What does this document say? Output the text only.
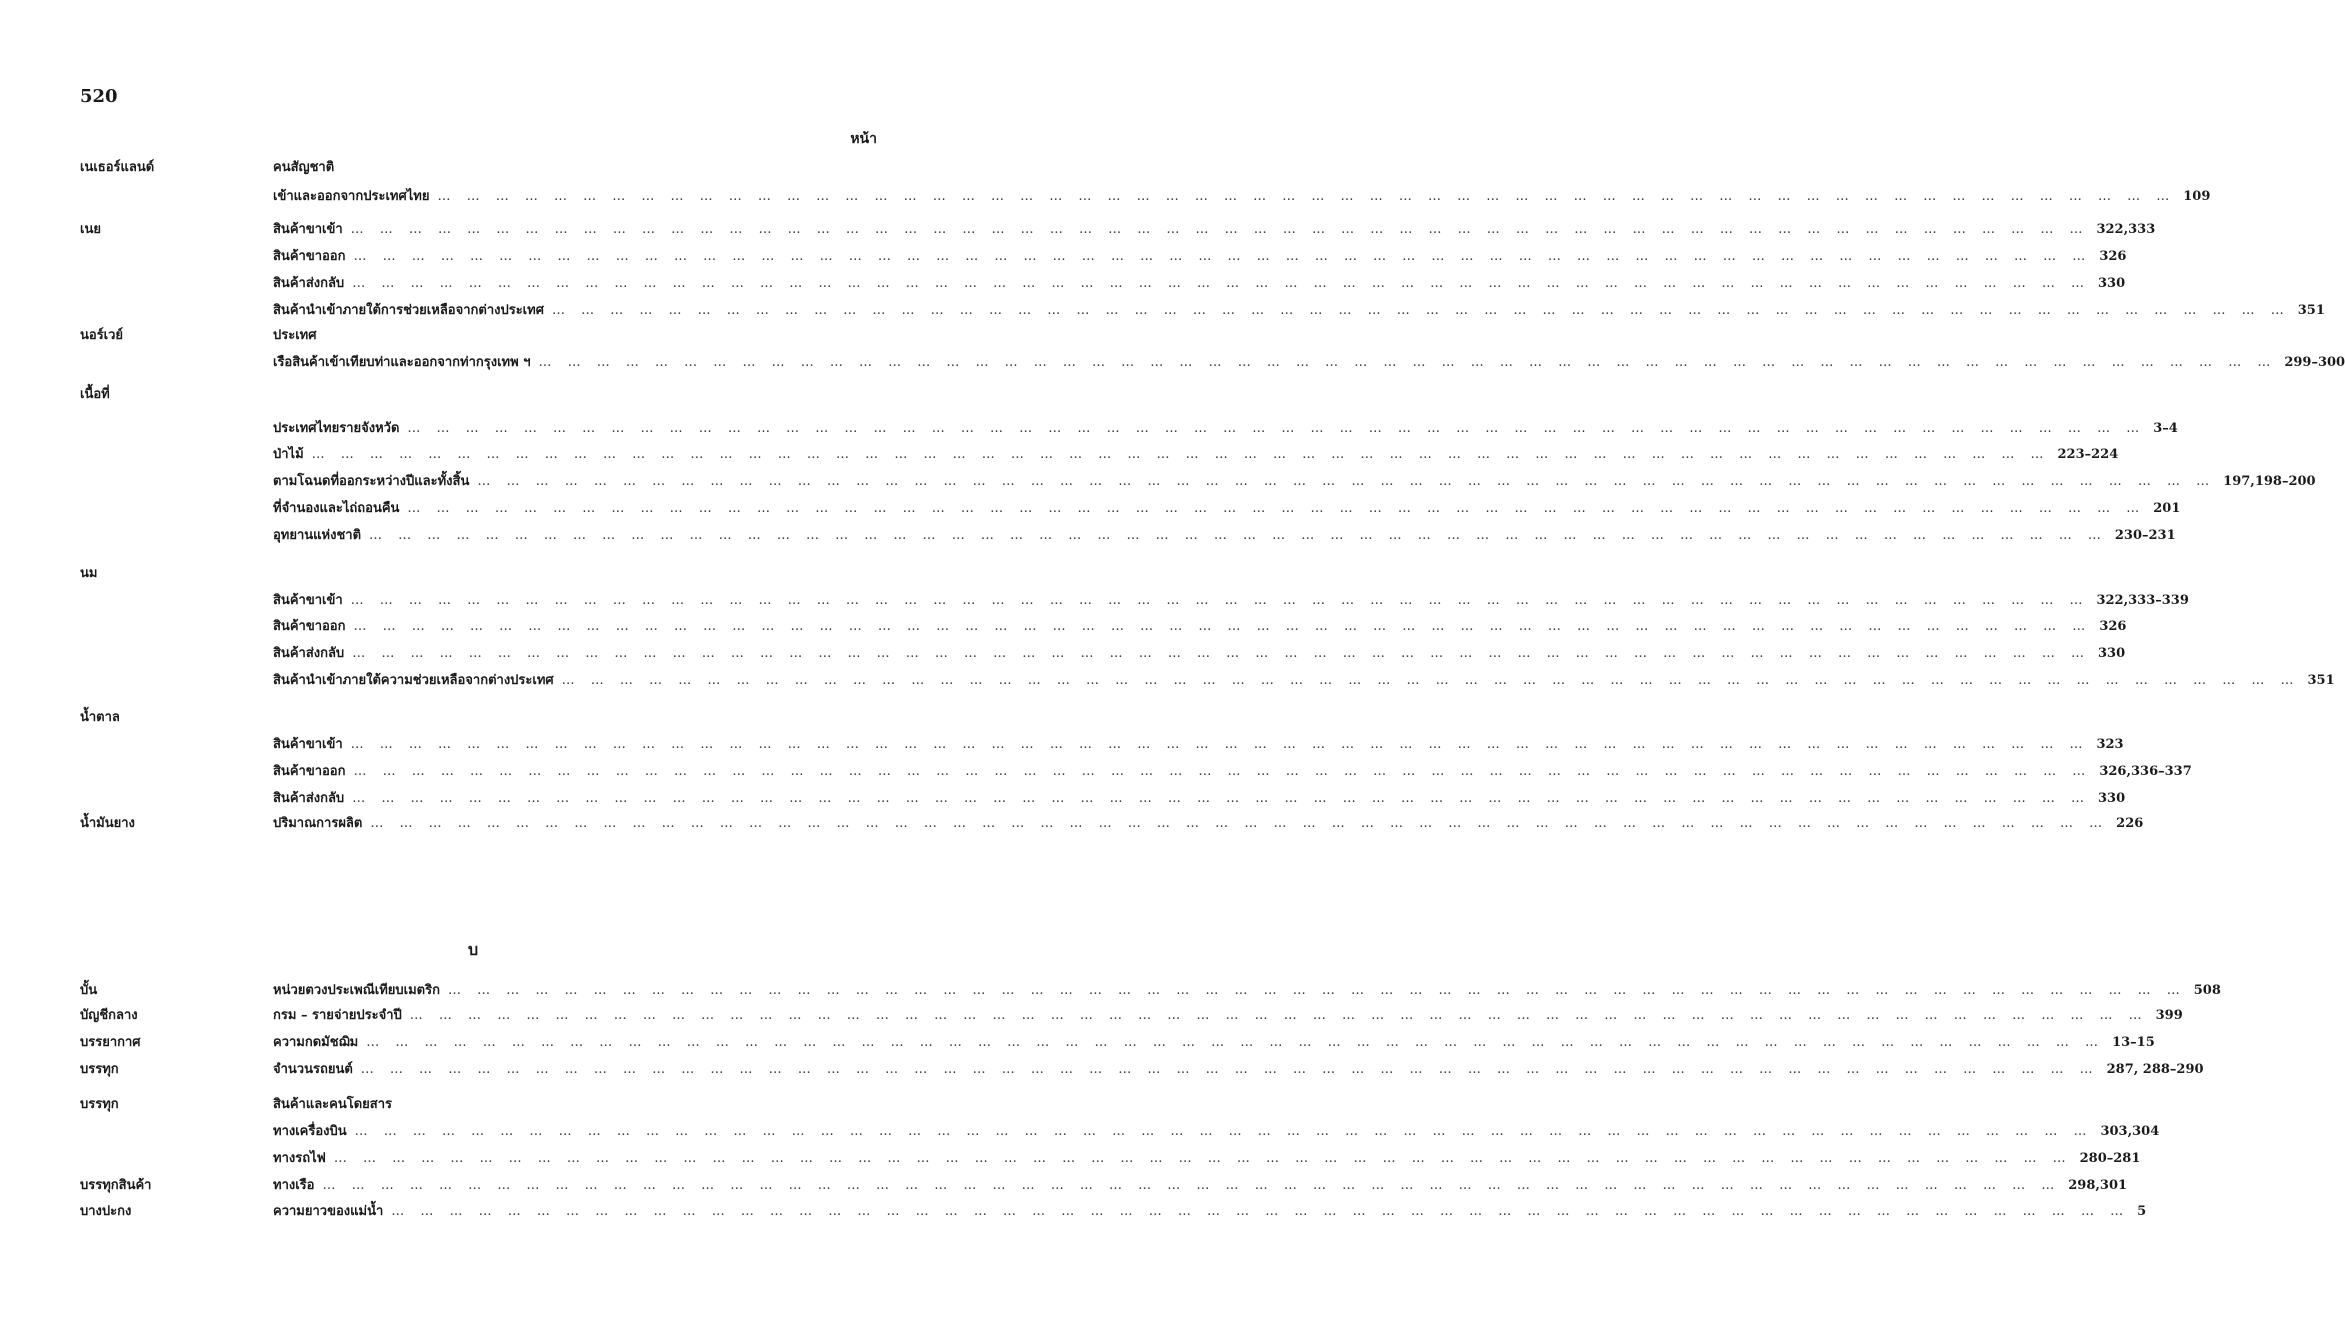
520
หน้า
บ
เนเธอร์แลนด์	คนสัญชาติ
เข้าและออกจากประเทศไทย … … … … … … … … … … … … … … … … … … … … … … … … … … … … … … … … … … … … … … … … … … … … … … … … … … … … … … … … … … … … 109
เนย	สินค้าขาเข้า … … … … … … … … … … … … … … … … … … … … … … … … … … … … … … … … … … … … … … … … … … … … … … … … … … … … … … … … … … … … 322,333
สินค้าขาออก … … … … … … … … … … … … … … … … … … … … … … … … … … … … … … … … … … … … … … … … … … … … … … … … … … … … … … … … … … … … 326
สินค้าส่งกลับ … … … … … … … … … … … … … … … … … … … … … … … … … … … … … … … … … … … … … … … … … … … … … … … … … … … … … … … … … … … … 330
สินค้านำเข้าภายใต้การช่วยเหลือจากต่างประเทศ … … … … … … … … … … … … … … … … … … … … … … … … … … … … … … … … … … … … … … … … … … … … … … … … … … … … … … … … … … … … 351
นอร์เวย์	ประเทศ
เรือสินค้าเข้าเทียบท่าและออกจากท่ากรุงเทพ ฯ … … … … … … … … … … … … … … … … … … … … … … … … … … … … … … … … … … … … … … … … … … … … … … … … … … … … … … … … … … … … 299–300
เนื้อที่
ประเทศไทยรายจังหวัด … … … … … … … … … … … … … … … … … … … … … … … … … … … … … … … … … … … … … … … … … … … … … … … … … … … … … … … … … … … … 3–4
ป่าไม้ … … … … … … … … … … … … … … … … … … … … … … … … … … … … … … … … … … … … … … … … … … … … … … … … … … … … … … … … … … … … 223–224
ตามโฉนดที่ออกระหว่างปีและทั้งสิ้น … … … … … … … … … … … … … … … … … … … … … … … … … … … … … … … … … … … … … … … … … … … … … … … … … … … … … … … … … … … … 197,198–200
ที่จำนองและไถ่ถอนคืน … … … … … … … … … … … … … … … … … … … … … … … … … … … … … … … … … … … … … … … … … … … … … … … … … … … … … … … … … … … … 201
อุทยานแห่งชาติ … … … … … … … … … … … … … … … … … … … … … … … … … … … … … … … … … … … … … … … … … … … … … … … … … … … … … … … … … … … … 230–231
นม
สินค้าขาเข้า … … … … … … … … … … … … … … … … … … … … … … … … … … … … … … … … … … … … … … … … … … … … … … … … … … … … … … … … … … … … 322,333–339
สินค้าขาออก … … … … … … … … … … … … … … … … … … … … … … … … … … … … … … … … … … … … … … … … … … … … … … … … … … … … … … … … … … … … 326
สินค้าส่งกลับ … … … … … … … … … … … … … … … … … … … … … … … … … … … … … … … … … … … … … … … … … … … … … … … … … … … … … … … … … … … … 330
สินค้านำเข้าภายใต้ความช่วยเหลือจากต่างประเทศ … … … … … … … … … … … … … … … … … … … … … … … … … … … … … … … … … … … … … … … … … … … … … … … … … … … … … … … … … … … … 351
น้ำตาล
สินค้าขาเข้า … … … … … … … … … … … … … … … … … … … … … … … … … … … … … … … … … … … … … … … … … … … … … … … … … … … … … … … … … … … … 323
สินค้าขาออก … … … … … … … … … … … … … … … … … … … … … … … … … … … … … … … … … … … … … … … … … … … … … … … … … … … … … … … … … … … … 326,336–337
สินค้าส่งกลับ … … … … … … … … … … … … … … … … … … … … … … … … … … … … … … … … … … … … … … … … … … … … … … … … … … … … … … … … … … … … 330
น้ำมันยาง	ปริมาณการผลิต … … … … … … … … … … … … … … … … … … … … … … … … … … … … … … … … … … … … … … … … … … … … … … … … … … … … … … … … … … … … 226
บั้น	หน่วยตวงประเพณีเทียบเมตริก … … … … … … … … … … … … … … … … … … … … … … … … … … … … … … … … … … … … … … … … … … … … … … … … … … … … … … … … … … … … 508
บัญชีกลาง	กรม – รายจ่ายประจำปี … … … … … … … … … … … … … … … … … … … … … … … … … … … … … … … … … … … … … … … … … … … … … … … … … … … … … … … … … … … … 399
บรรยากาศ	ความกดมัชฌิม … … … … … … … … … … … … … … … … … … … … … … … … … … … … … … … … … … … … … … … … … … … … … … … … … … … … … … … … … … … … 13–15
บรรทุก	จำนวนรถยนต์ … … … … … … … … … … … … … … … … … … … … … … … … … … … … … … … … … … … … … … … … … … … … … … … … … … … … … … … … … … … … 287, 288–290
บรรทุก	สินค้าและคนโดยสาร
ทางเครื่องบิน … … … … … … … … … … … … … … … … … … … … … … … … … … … … … … … … … … … … … … … … … … … … … … … … … … … … … … … … … … … … 303,304
ทางรถไฟ … … … … … … … … … … … … … … … … … … … … … … … … … … … … … … … … … … … … … … … … … … … … … … … … … … … … … … … … … … … … 280–281
บรรทุกสินค้า	ทางเรือ … … … … … … … … … … … … … … … … … … … … … … … … … … … … … … … … … … … … … … … … … … … … … … … … … … … … … … … … … … … … 298,301
บางปะกง	ความยาวของแม่น้ำ … … … … … … … … … … … … … … … … … … … … … … … … … … … … … … … … … … … … … … … … … … … … … … … … … … … … … … … … … … … … 5
